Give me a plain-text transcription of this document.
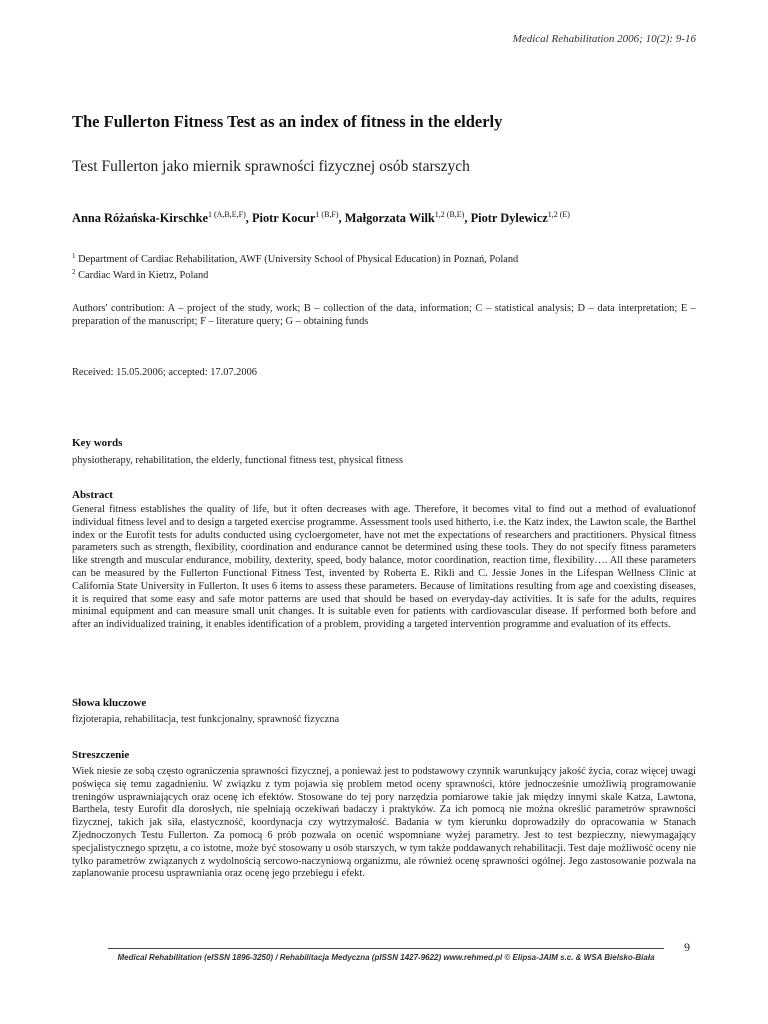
Medical Rehabilitation 2006; 10(2): 9-16
The Fullerton Fitness Test as an index of fitness in the elderly
Test Fullerton jako miernik sprawności fizycznej osób starszych
Anna Różańska-Kirschke$^{1 (A,B,E,F)}$, Piotr Kocur$^{1 (B,F)}$, Małgorzata Wilk$^{1,2 (B,E)}$, Piotr Dylewicz$^{1,2 (E)}$
$^1$ Department of Cardiac Rehabilitation, AWF (University School of Physical Education) in Poznań, Poland
$^2$ Cardiac Ward in Kietrz, Poland
Authors' contribution: A – project of the study, work; B – collection of the data, information; C – statistical analysis; D – data interpretation; E – preparation of the manuscript; F – literature query; G – obtaining funds
Received: 15.05.2006; accepted: 17.07.2006
Key words
physiotherapy, rehabilitation, the elderly, functional fitness test, physical fitness
Abstract
General fitness establishes the quality of life, but it often decreases with age. Therefore, it becomes vital to find out a method of evaluationof individual fitness level and to design a targeted exercise programme. Assessment tools used hitherto, i.e. the Katz index, the Lawton scale, the Barthel index or the Eurofit tests for adults conducted using cycloergometer, have not met the expectations of researchers and practitioners. Physical fitness parameters such as strength, flexibility, coordination and endurance cannot be determined using these tools. They do not specify fitness parameters like strength and muscular endurance, mobility, dexterity, speed, body balance, motor coordination, reaction time, flexibility…. All these parameters can be measured by the Fullerton Functional Fitness Test, invented by Roberta E. Rikli and C. Jessie Jones in the Lifespan Wellness Clinic at California State University in Fullerton. It uses 6 items to assess these parameters. Because of limitations resulting from age and coexisting diseases, it is required that some easy and safe motor patterns are used that should be based on everyday-day activities. It is safe for the adults, requires minimal equipment and can measure small unit changes. It is suitable even for patients with cardiovascular disease. If performed both before and after an individualized training, it enables identification of a problem, providing a targeted intervention programme and evaluation of its effects.
Słowa kluczowe
fizjoterapia, rehabilitacja, test funkcjonalny, sprawność fizyczna
Streszczenie
Wiek niesie ze sobą często ograniczenia sprawności fizycznej, a ponieważ jest to podstawowy czynnik warunkujący jakość życia, coraz więcej uwagi poświęca się temu zagadnieniu. W związku z tym pojawia się problem metod oceny sprawności, które jednocześnie umożliwią programowanie treningów usprawniających oraz ocenę ich efektów. Stosowane do tej pory narzędzia pomiarowe takie jak między innymi skale Katza, Lawtona, Barthela, testy Eurofit dla dorosłych, nie spełniają oczekiwań badaczy i praktyków. Za ich pomocą nie można określić parametrów sprawności fizycznej, takich jak siła, elastyczność, koordynacja czy wytrzymałość. Badania w tym kierunku doprowadziły do opracowania w Stanach Zjednoczonych Testu Fullerton. Za pomocą 6 prób pozwala on ocenić wspomniane wyżej parametry. Jest to test bezpieczny, niewymagający specjalistycznego sprzętu, a co istotne, może być stosowany u osób starszych, w tym także poddawanych rehabilitacji. Test daje możliwość oceny nie tylko parametrów związanych z wydolnością sercowo-naczyniową organizmu, ale również ocenę sprawności ogólnej. Jego zastosowanie pozwala na zaplanowanie procesu usprawniania oraz ocenę jego przebiegu i efekt.
9
Medical Rehabilitation (eISSN 1896-3250) / Rehabilitacja Medyczna (pISSN 1427-9622) www.rehmed.pl © Elipsa-JAIM s.c. & WSA Bielsko-Biała
